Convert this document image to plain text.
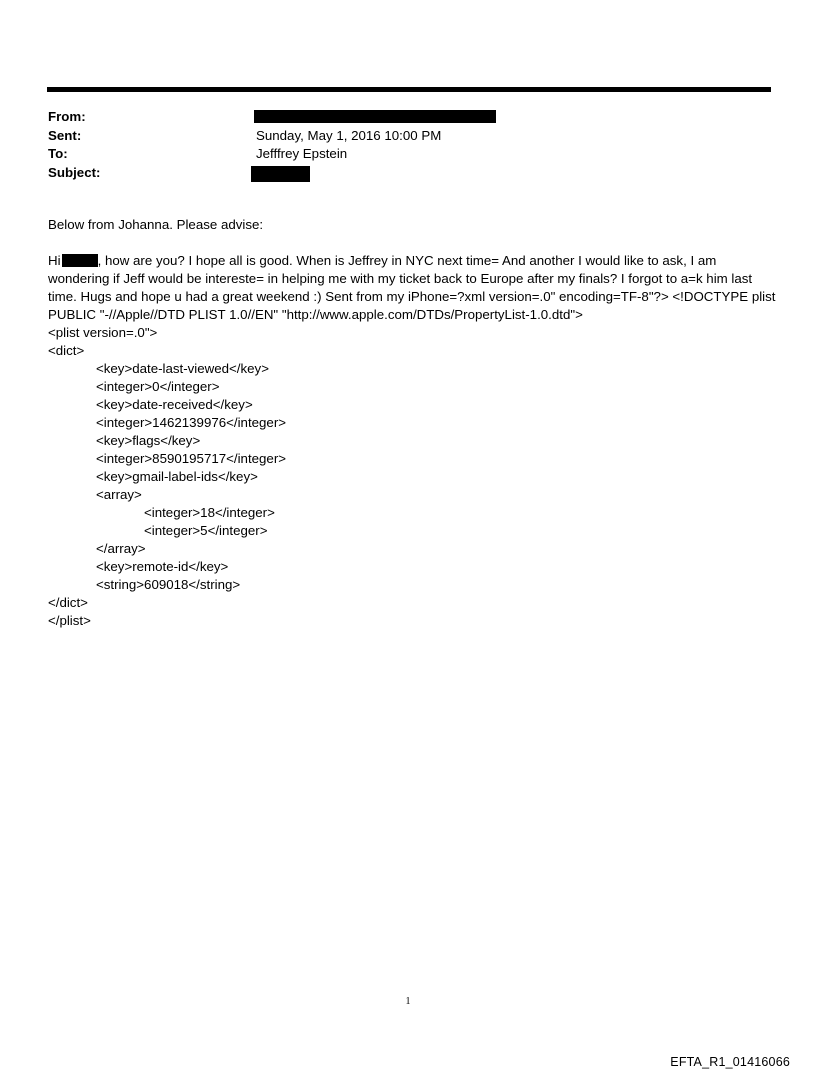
From:
Sent:	Sunday, May 1, 2016 10:00 PM
To:	Jefffrey Epstein
Subject:

Below from Johanna. Please advise:

Hi	, how are you? I hope all is good. When is Jeffrey in NYC next time= And another I would like to ask, I am wondering if Jeff would be intereste= in helping me with my ticket back to Europe after my finals? I forgot to a=k him last time. Hugs and hope u had a great weekend :) Sent from my iPhone=?xml version=.0" encoding=TF-8"?> <!DOCTYPE plist PUBLIC "-//Apple//DTD PLIST 1.0//EN" "http://www.apple.com/DTDs/PropertyList-1.0.dtd">

<plist version=.0">

<dict>

<key>date-last-viewed</key>

<integer>0</integer>

<key>date-received</key>

<integer>1462139976</integer>

<key>flags</key>

<integer>8590195717</integer>

<key>gmail-label-ids</key>

<array>

<integer>18</integer>

<integer>5</integer>

</array>

<key>remote-id</key>

<string>609018</string>

</dict>

</plist>

1
EFTA_R1_01416066
